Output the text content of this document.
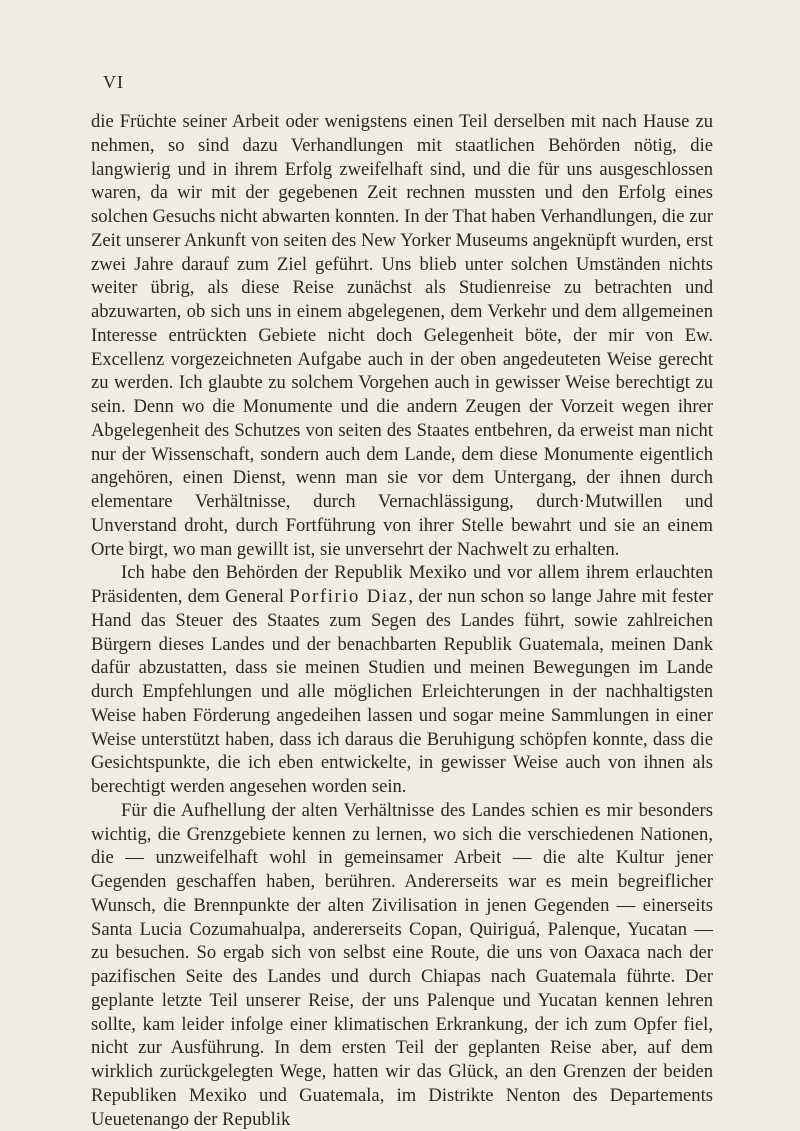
VI

die Früchte seiner Arbeit oder wenigstens einen Teil derselben mit nach Hause zu nehmen, so sind dazu Verhandlungen mit staatlichen Behörden nötig, die langwierig und in ihrem Erfolg zweifelhaft sind, und die für uns ausgeschlossen waren, da wir mit der gegebenen Zeit rechnen mussten und den Erfolg eines solchen Gesuchs nicht abwarten konnten. In der That haben Verhandlungen, die zur Zeit unserer Ankunft von seiten des New Yorker Museums angeknüpft wurden, erst zwei Jahre darauf zum Ziel geführt. Uns blieb unter solchen Umständen nichts weiter übrig, als diese Reise zunächst als Studienreise zu betrachten und abzuwarten, ob sich uns in einem abgelegenen, dem Verkehr und dem allgemeinen Interesse entrückten Gebiete nicht doch Gelegenheit böte, der mir von Ew. Excellenz vorgezeichneten Aufgabe auch in der oben angedeuteten Weise gerecht zu werden. Ich glaubte zu solchem Vorgehen auch in gewisser Weise berechtigt zu sein. Denn wo die Monumente und die andern Zeugen der Vorzeit wegen ihrer Abgelegenheit des Schutzes von seiten des Staates entbehren, da erweist man nicht nur der Wissenschaft, sondern auch dem Lande, dem diese Monumente eigentlich angehören, einen Dienst, wenn man sie vor dem Untergang, der ihnen durch elementare Verhältnisse, durch Vernachlässigung, durch·Mutwillen und Unverstand droht, durch Fortführung von ihrer Stelle bewahrt und sie an einem Orte birgt, wo man gewillt ist, sie unversehrt der Nachwelt zu erhalten.

Ich habe den Behörden der Republik Mexiko und vor allem ihrem erlauchten Präsidenten, dem General Porfirio Diaz, der nun schon so lange Jahre mit fester Hand das Steuer des Staates zum Segen des Landes führt, sowie zahlreichen Bürgern dieses Landes und der benachbarten Republik Guatemala, meinen Dank dafür abzustatten, dass sie meinen Studien und meinen Bewegungen im Lande durch Empfehlungen und alle möglichen Erleichterungen in der nachhaltigsten Weise haben Förderung angedeihen lassen und sogar meine Sammlungen in einer Weise unterstützt haben, dass ich daraus die Beruhigung schöpfen konnte, dass die Gesichtspunkte, die ich eben entwickelte, in gewisser Weise auch von ihnen als berechtigt werden angesehen worden sein.

Für die Aufhellung der alten Verhältnisse des Landes schien es mir besonders wichtig, die Grenzgebiete kennen zu lernen, wo sich die verschiedenen Nationen, die — unzweifelhaft wohl in gemeinsamer Arbeit — die alte Kultur jener Gegenden geschaffen haben, berühren. Andererseits war es mein begreiflicher Wunsch, die Brennpunkte der alten Zivilisation in jenen Gegenden — einerseits Santa Lucia Cozumahualpa, andererseits Copan, Quiriguá, Palenque, Yucatan — zu besuchen. So ergab sich von selbst eine Route, die uns von Oaxaca nach der pazifischen Seite des Landes und durch Chiapas nach Guatemala führte. Der geplante letzte Teil unserer Reise, der uns Palenque und Yucatan kennen lehren sollte, kam leider infolge einer klimatischen Erkrankung, der ich zum Opfer fiel, nicht zur Ausführung. In dem ersten Teil der geplanten Reise aber, auf dem wirklich zurückgelegten Wege, hatten wir das Glück, an den Grenzen der beiden Republiken Mexiko und Guatemala, im Distrikte Nenton des Departements Ueuetenango der Republik
